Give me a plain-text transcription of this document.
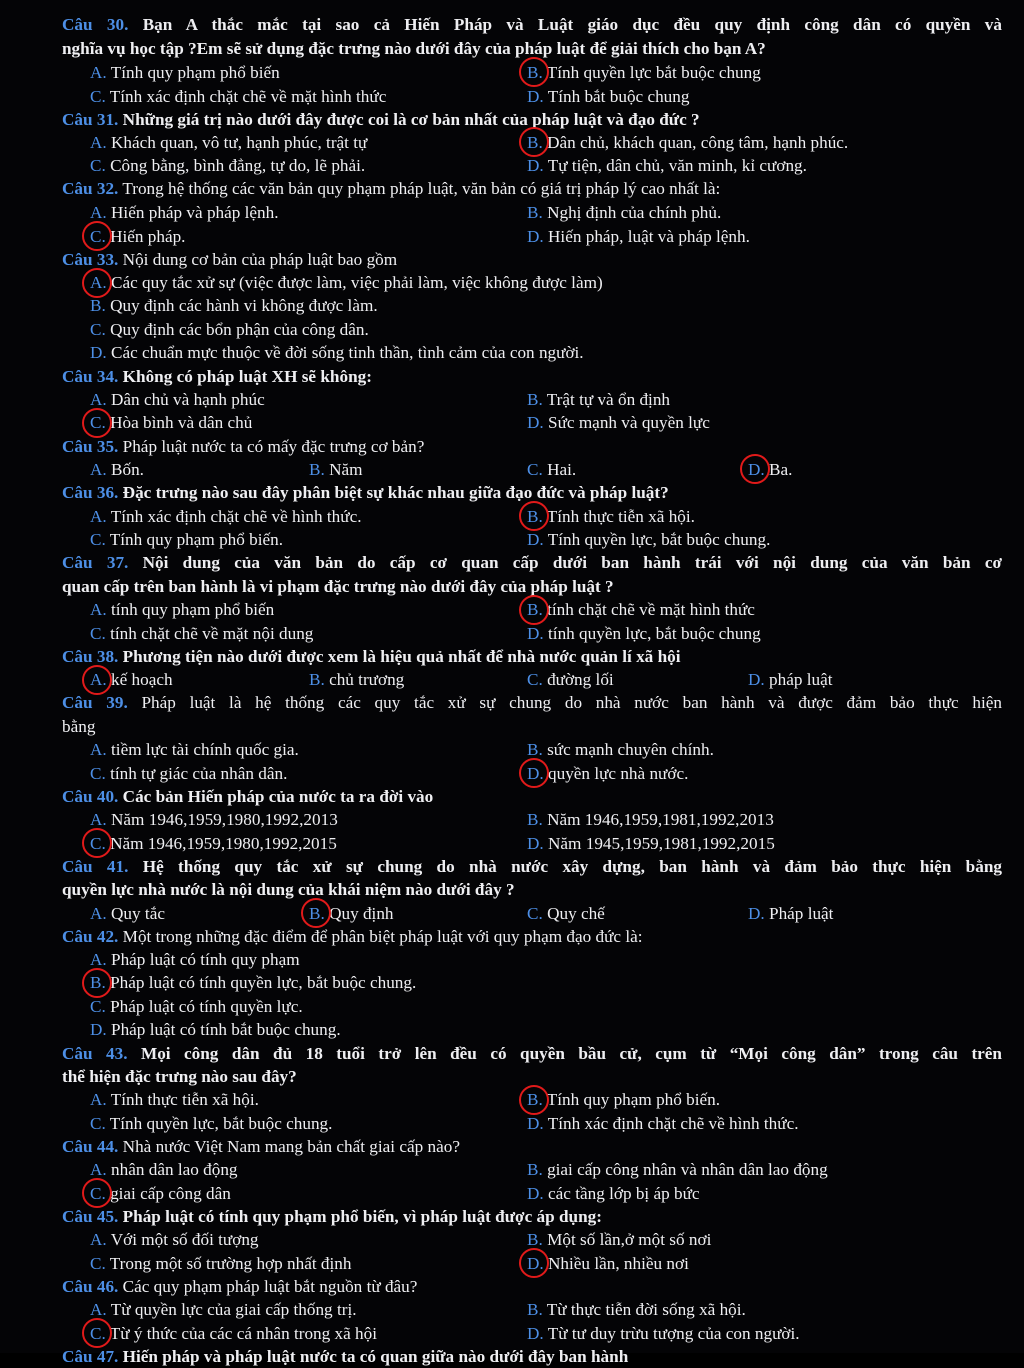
Câu 30. Bạn A thắc mắc tại sao cả Hiến Pháp và Luật giáo dục đều quy định công dân có quyền và
nghĩa vụ học tập ?Em sẽ sử dụng đặc trưng nào dưới đây của pháp luật để giải thích cho bạn A?
A. Tính quy phạm phổ biến	B. Tính quyền lực bắt buộc chung
C. Tính xác định chặt chẽ về mặt hình thức	D. Tính bắt buộc chung
Câu 31. Những giá trị nào dưới đây được coi là cơ bản nhất của pháp luật và đạo đức ?
A. Khách quan, vô tư, hạnh phúc, trật tự	B. Dân chủ, khách quan, công tâm, hạnh phúc.
C. Công bằng, bình đẳng, tự do, lẽ phải.	D. Tự tiện, dân chủ, văn minh, kỉ cương.
Câu 32. Trong hệ thống các văn bản quy phạm pháp luật, văn bản có giá trị pháp lý cao nhất là:
A. Hiến pháp và pháp lệnh.	B. Nghị định của chính phủ.
C. Hiến pháp.	D. Hiến pháp, luật và pháp lệnh.
Câu 33. Nội dung cơ bản của pháp luật bao gồm
A. Các quy tắc xử sự (việc được làm, việc phải làm, việc không được làm)
B. Quy định các hành vi không được làm.
C. Quy định các bổn phận của công dân.
D. Các chuẩn mực thuộc về đời sống tinh thần, tình cảm của con người.
Câu 34. Không có pháp luật XH sẽ không:
A. Dân chủ và hạnh phúc	B. Trật tự và ổn định
C. Hòa bình và dân chủ	D. Sức mạnh và quyền lực
Câu 35. Pháp luật nước ta có mấy đặc trưng cơ bản?
A. Bốn.	B. Năm	C. Hai.	D. Ba.
Câu 36. Đặc trưng nào sau đây phân biệt sự khác nhau giữa đạo đức và pháp luật?
A. Tính xác định chặt chẽ về hình thức.	B. Tính thực tiễn xã hội.
C. Tính quy phạm phổ biến.	D. Tính quyền lực, bắt buộc chung.
Câu 37. Nội dung của văn bản do cấp cơ quan cấp dưới ban hành trái với nội dung của văn bản cơ
quan cấp trên ban hành là vi phạm đặc trưng nào dưới đây của pháp luật ?
A. tính quy phạm phổ biến	B. tính chặt chẽ về mặt hình thức
C. tính chặt chẽ về mặt nội dung	D. tính quyền lực, bắt buộc chung
Câu 38. Phương tiện nào dưới được xem là hiệu quả nhất để nhà nước quản lí xã hội
A. kế hoạch	B. chủ trương	C. đường lối	D. pháp luật
Câu 39. Pháp luật là hệ thống các quy tắc xử sự chung do nhà nước ban hành và được đảm bảo thực hiện
bằng
A. tiềm lực tài chính quốc gia.	B. sức mạnh chuyên chính.
C. tính tự giác của nhân dân.	D. quyền lực nhà nước.
Câu 40. Các bản Hiến pháp của nước ta ra đời vào
A. Năm 1946,1959,1980,1992,2013	B. Năm 1946,1959,1981,1992,2013
C. Năm 1946,1959,1980,1992,2015	D. Năm 1945,1959,1981,1992,2015
Câu 41. Hệ thống quy tắc xử sự chung do nhà nước xây dựng, ban hành và đảm bảo thực hiện bằng
quyền lực nhà nước là nội dung của khái niệm nào dưới đây ?
A. Quy tắc	B. Quy định	C. Quy chế	D. Pháp luật
Câu 42. Một trong những đặc điểm để phân biệt pháp luật với quy phạm đạo đức là:
A. Pháp luật có tính quy phạm
B. Pháp luật có tính quyền lực, bắt buộc chung.
C. Pháp luật có tính quyền lực.
D. Pháp luật có tính bắt buộc chung.
Câu 43. Mọi công dân đủ 18 tuổi trở lên đều có quyền bầu cử, cụm từ “Mọi công dân” trong câu trên
thể hiện đặc trưng nào sau đây?
A. Tính thực tiễn xã hội.	B. Tính quy phạm phổ biến.
C. Tính quyền lực, bắt buộc chung.	D. Tính xác định chặt chẽ về hình thức.
Câu 44. Nhà nước Việt Nam mang bản chất giai cấp nào?
A. nhân dân lao động	B. giai cấp công nhân và nhân dân lao động
C. giai cấp công dân	D. các tầng lớp bị áp bức
Câu 45. Pháp luật có tính quy phạm phổ biến, vì pháp luật được áp dụng:
A. Với một số đối tượng	B. Một số lần,ở một số nơi
C. Trong một số trường hợp nhất định	D. Nhiều lần, nhiều nơi
Câu 46. Các quy phạm pháp luật bắt nguồn từ đâu?
A. Từ quyền lực của giai cấp thống trị.	B. Từ thực tiễn đời sống xã hội.
C. Từ ý thức của các cá nhân trong xã hội	D. Từ tư duy trừu tượng của con người.
Câu 47. Hiến pháp và pháp luật nước ta có quan giữa nào dưới đây ban hành
